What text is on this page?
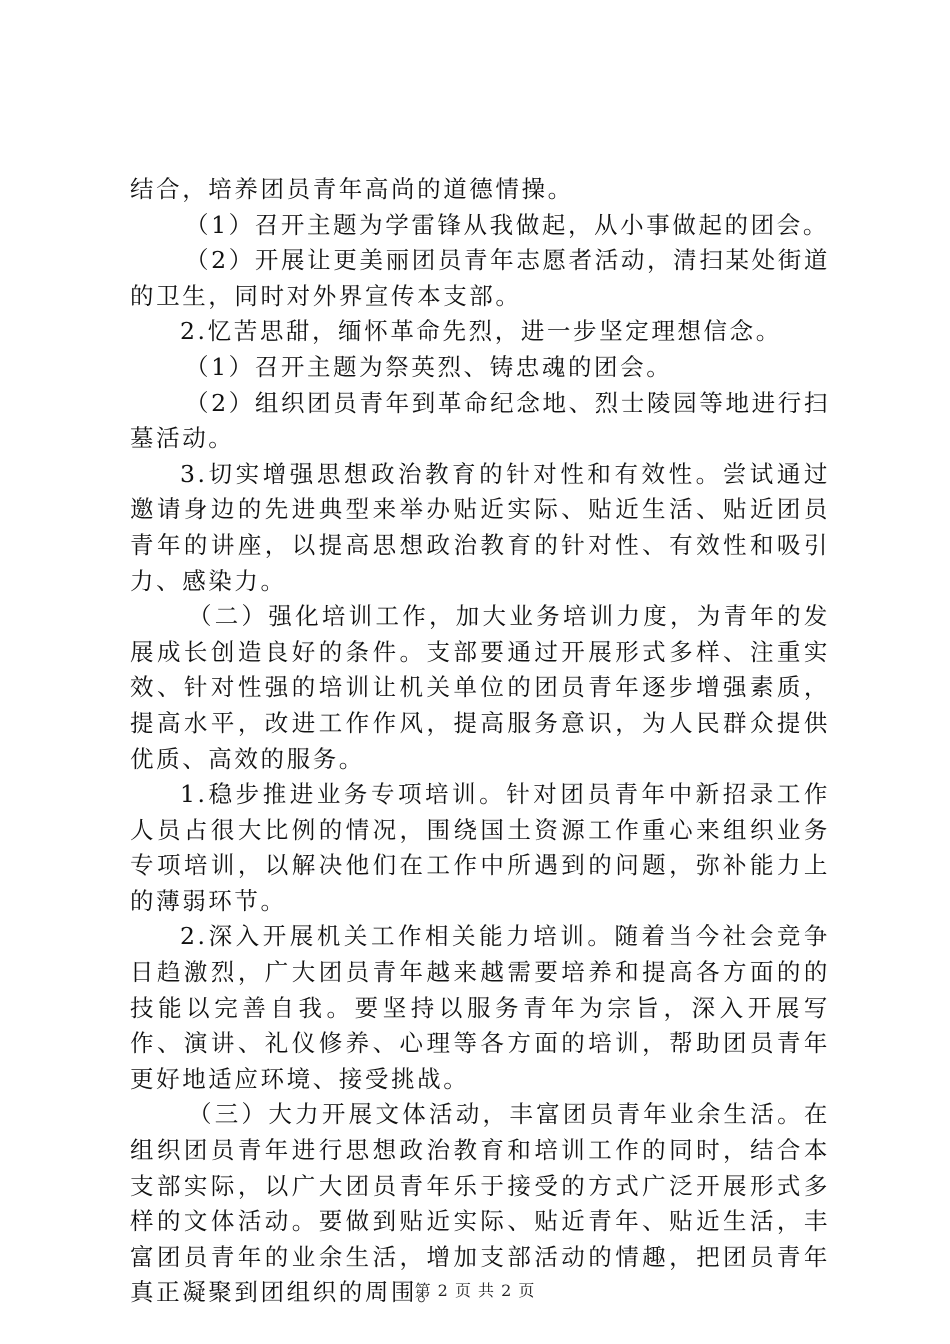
结合，培养团员青年高尚的道德情操。

（1）召开主题为学雷锋从我做起，从小事做起的团会。

（2）开展让更美丽团员青年志愿者活动，清扫某处街道的卫生，同时对外界宣传本支部。

2.忆苦思甜，缅怀革命先烈，进一步坚定理想信念。

（1）召开主题为祭英烈、铸忠魂的团会。

（2）组织团员青年到革命纪念地、烈士陵园等地进行扫墓活动。

3.切实增强思想政治教育的针对性和有效性。尝试通过邀请身边的先进典型来举办贴近实际、贴近生活、贴近团员青年的讲座，以提高思想政治教育的针对性、有效性和吸引力、感染力。

（二）强化培训工作，加大业务培训力度，为青年的发展成长创造良好的条件。支部要通过开展形式多样、注重实效、针对性强的培训让机关单位的团员青年逐步增强素质，提高水平，改进工作作风，提高服务意识，为人民群众提供优质、高效的服务。

1.稳步推进业务专项培训。针对团员青年中新招录工作人员占很大比例的情况，围绕国土资源工作重心来组织业务专项培训，以解决他们在工作中所遇到的问题，弥补能力上的薄弱环节。

2.深入开展机关工作相关能力培训。随着当今社会竞争日趋激烈，广大团员青年越来越需要培养和提高各方面的的技能以完善自我。要坚持以服务青年为宗旨，深入开展写作、演讲、礼仪修养、心理等各方面的培训，帮助团员青年更好地适应环境、接受挑战。

（三）大力开展文体活动，丰富团员青年业余生活。在组织团员青年进行思想政治教育和培训工作的同时，结合本支部实际，以广大团员青年乐于接受的方式广泛开展形式多样的文体活动。要做到贴近实际、贴近青年、贴近生活，丰富团员青年的业余生活，增加支部活动的情趣，把团员青年真正凝聚到团组织的周围。

第 2 页 共 2 页
